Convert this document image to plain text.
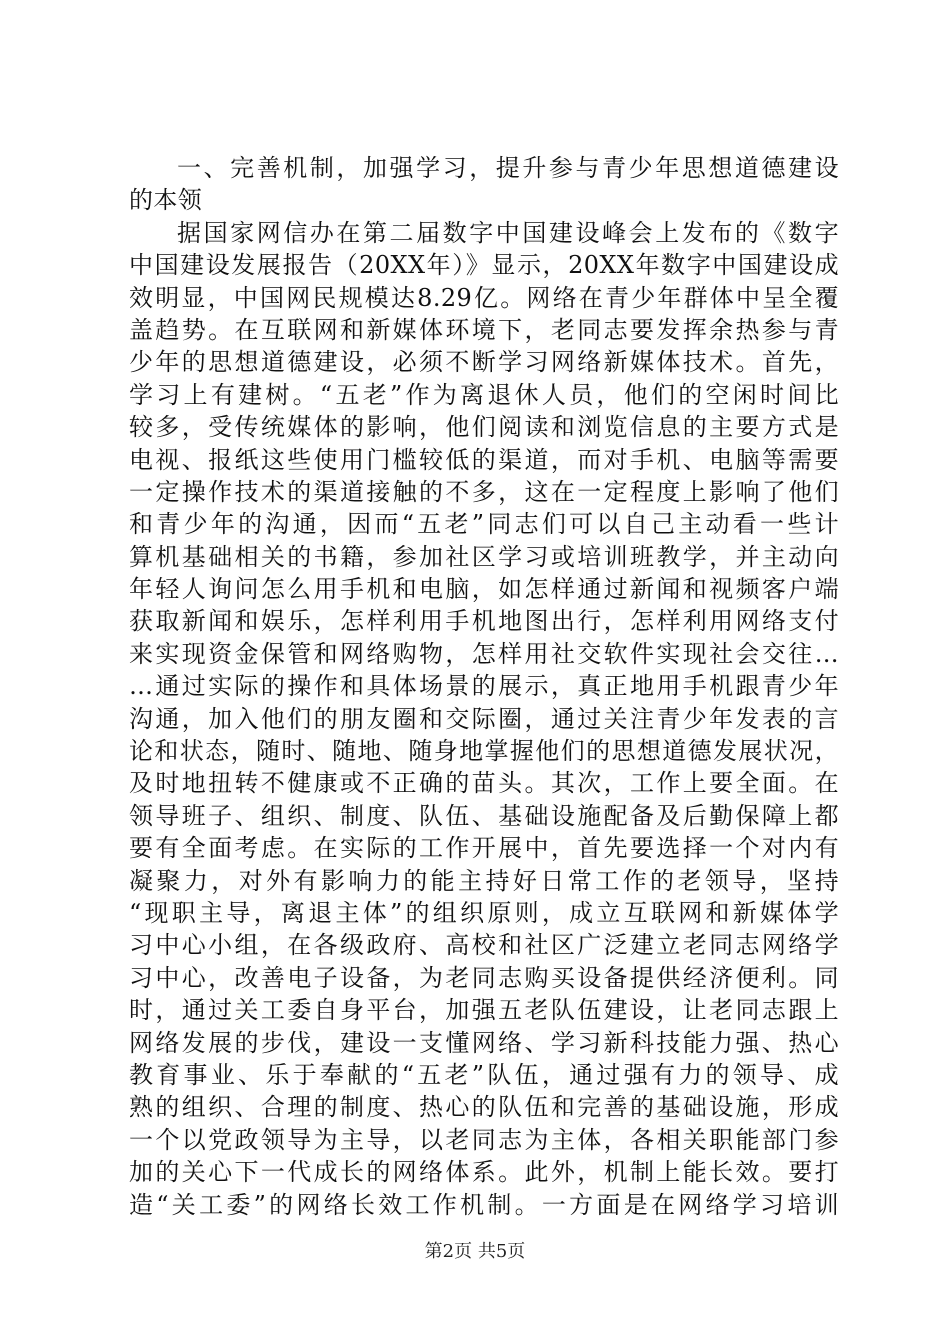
一、完善机制，加强学习，提升参与青少年思想道德建设
的本领
据国家网信办在第二届数字中国建设峰会上发布的《数字
中国建设发展报告（20XX年）》显示，20XX年数字中国建设成
效明显，中国网民规模达8.29亿。网络在青少年群体中呈全覆
盖趋势。在互联网和新媒体环境下，老同志要发挥余热参与青
少年的思想道德建设，必须不断学习网络新媒体技术。首先，
学习上有建树。“五老”作为离退休人员，他们的空闲时间比
较多，受传统媒体的影响，他们阅读和浏览信息的主要方式是
电视、报纸这些使用门槛较低的渠道，而对手机、电脑等需要
一定操作技术的渠道接触的不多，这在一定程度上影响了他们
和青少年的沟通，因而“五老”同志们可以自己主动看一些计
算机基础相关的书籍，参加社区学习或培训班教学，并主动向
年轻人询问怎么用手机和电脑，如怎样通过新闻和视频客户端
获取新闻和娱乐，怎样利用手机地图出行，怎样利用网络支付
来实现资金保管和网络购物，怎样用社交软件实现社会交往…
…通过实际的操作和具体场景的展示，真正地用手机跟青少年
沟通，加入他们的朋友圈和交际圈，通过关注青少年发表的言
论和状态，随时、随地、随身地掌握他们的思想道德发展状况，
及时地扭转不健康或不正确的苗头。其次，工作上要全面。在
领导班子、组织、制度、队伍、基础设施配备及后勤保障上都
要有全面考虑。在实际的工作开展中，首先要选择一个对内有
凝聚力，对外有影响力的能主持好日常工作的老领导，坚持
“现职主导，离退主体”的组织原则，成立互联网和新媒体学
习中心小组，在各级政府、高校和社区广泛建立老同志网络学
习中心，改善电子设备，为老同志购买设备提供经济便利。同
时，通过关工委自身平台，加强五老队伍建设，让老同志跟上
网络发展的步伐，建设一支懂网络、学习新科技能力强、热心
教育事业、乐于奉献的“五老”队伍，通过强有力的领导、成
熟的组织、合理的制度、热心的队伍和完善的基础设施，形成
一个以党政领导为主导，以老同志为主体，各相关职能部门参
加的关心下一代成长的网络体系。此外，机制上能长效。要打
造“关工委”的网络长效工作机制。一方面是在网络学习培训
第2页 共5页
